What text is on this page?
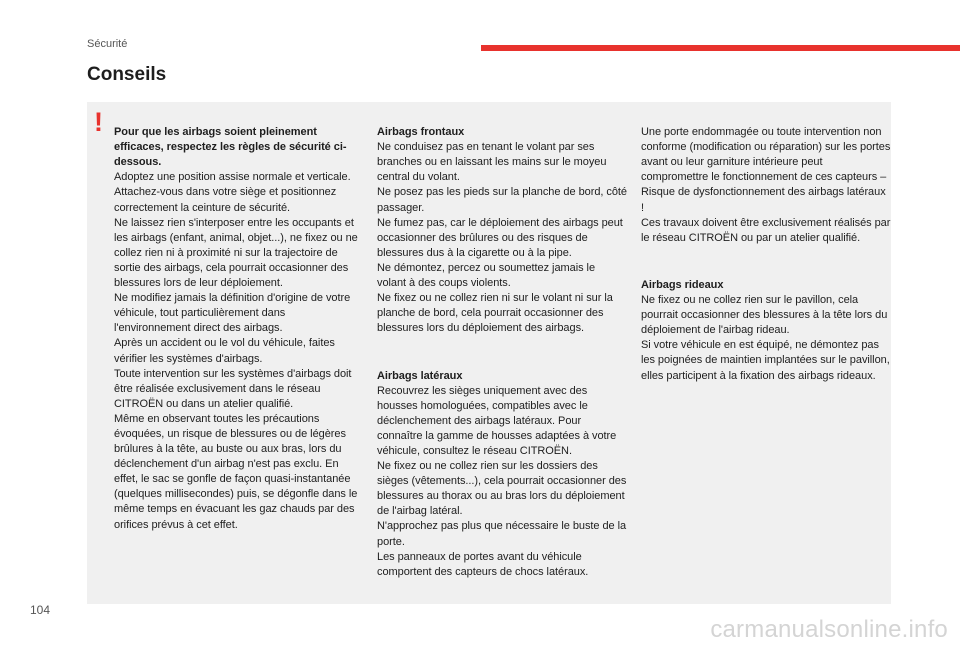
Sécurité
Conseils
! Pour que les airbags soient pleinement efficaces, respectez les règles de sécurité ci-dessous.
Adoptez une position assise normale et verticale.
Attachez-vous dans votre siège et positionnez correctement la ceinture de sécurité.
Ne laissez rien s'interposer entre les occupants et les airbags (enfant, animal, objet...), ne fixez ou ne collez rien ni à proximité ni sur la trajectoire de sortie des airbags, cela pourrait occasionner des blessures lors de leur déploiement.
Ne modifiez jamais la définition d'origine de votre véhicule, tout particulièrement dans l'environnement direct des airbags.
Après un accident ou le vol du véhicule, faites vérifier les systèmes d'airbags.
Toute intervention sur les systèmes d'airbags doit être réalisée exclusivement dans le réseau CITROËN ou dans un atelier qualifié.
Même en observant toutes les précautions évoquées, un risque de blessures ou de légères brûlures à la tête, au buste ou aux bras, lors du déclenchement d'un airbag n'est pas exclu. En effet, le sac se gonfle de façon quasi-instantanée (quelques millisecondes) puis, se dégonfle dans le même temps en évacuant les gaz chauds par des orifices prévus à cet effet.

Airbags frontaux
Ne conduisez pas en tenant le volant par ses branches ou en laissant les mains sur le moyeu central du volant.
Ne posez pas les pieds sur la planche de bord, côté passager.
Ne fumez pas, car le déploiement des airbags peut occasionner des brûlures ou des risques de blessures dus à la cigarette ou à la pipe.
Ne démontez, percez ou soumettez jamais le volant à des coups violents.
Ne fixez ou ne collez rien ni sur le volant ni sur la planche de bord, cela pourrait occasionner des blessures lors du déploiement des airbags.

Airbags latéraux
Recouvrez les sièges uniquement avec des housses homologuées, compatibles avec le déclenchement des airbags latéraux. Pour connaître la gamme de housses adaptées à votre véhicule, consultez le réseau CITROËN.
Ne fixez ou ne collez rien sur les dossiers des sièges (vêtements...), cela pourrait occasionner des blessures au thorax ou au bras lors du déploiement de l'airbag latéral.
N'approchez pas plus que nécessaire le buste de la porte.
Les panneaux de portes avant du véhicule comportent des capteurs de chocs latéraux.

Une porte endommagée ou toute intervention non conforme (modification ou réparation) sur les portes avant ou leur garniture intérieure peut compromettre le fonctionnement de ces capteurs – Risque de dysfonctionnement des airbags latéraux !
Ces travaux doivent être exclusivement réalisés par le réseau CITROËN ou par un atelier qualifié.

Airbags rideaux
Ne fixez ou ne collez rien sur le pavillon, cela pourrait occasionner des blessures à la tête lors du déploiement de l'airbag rideau.
Si votre véhicule en est équipé, ne démontez pas les poignées de maintien implantées sur le pavillon, elles participent à la fixation des airbags rideaux.

104
carmanualsonline.info
